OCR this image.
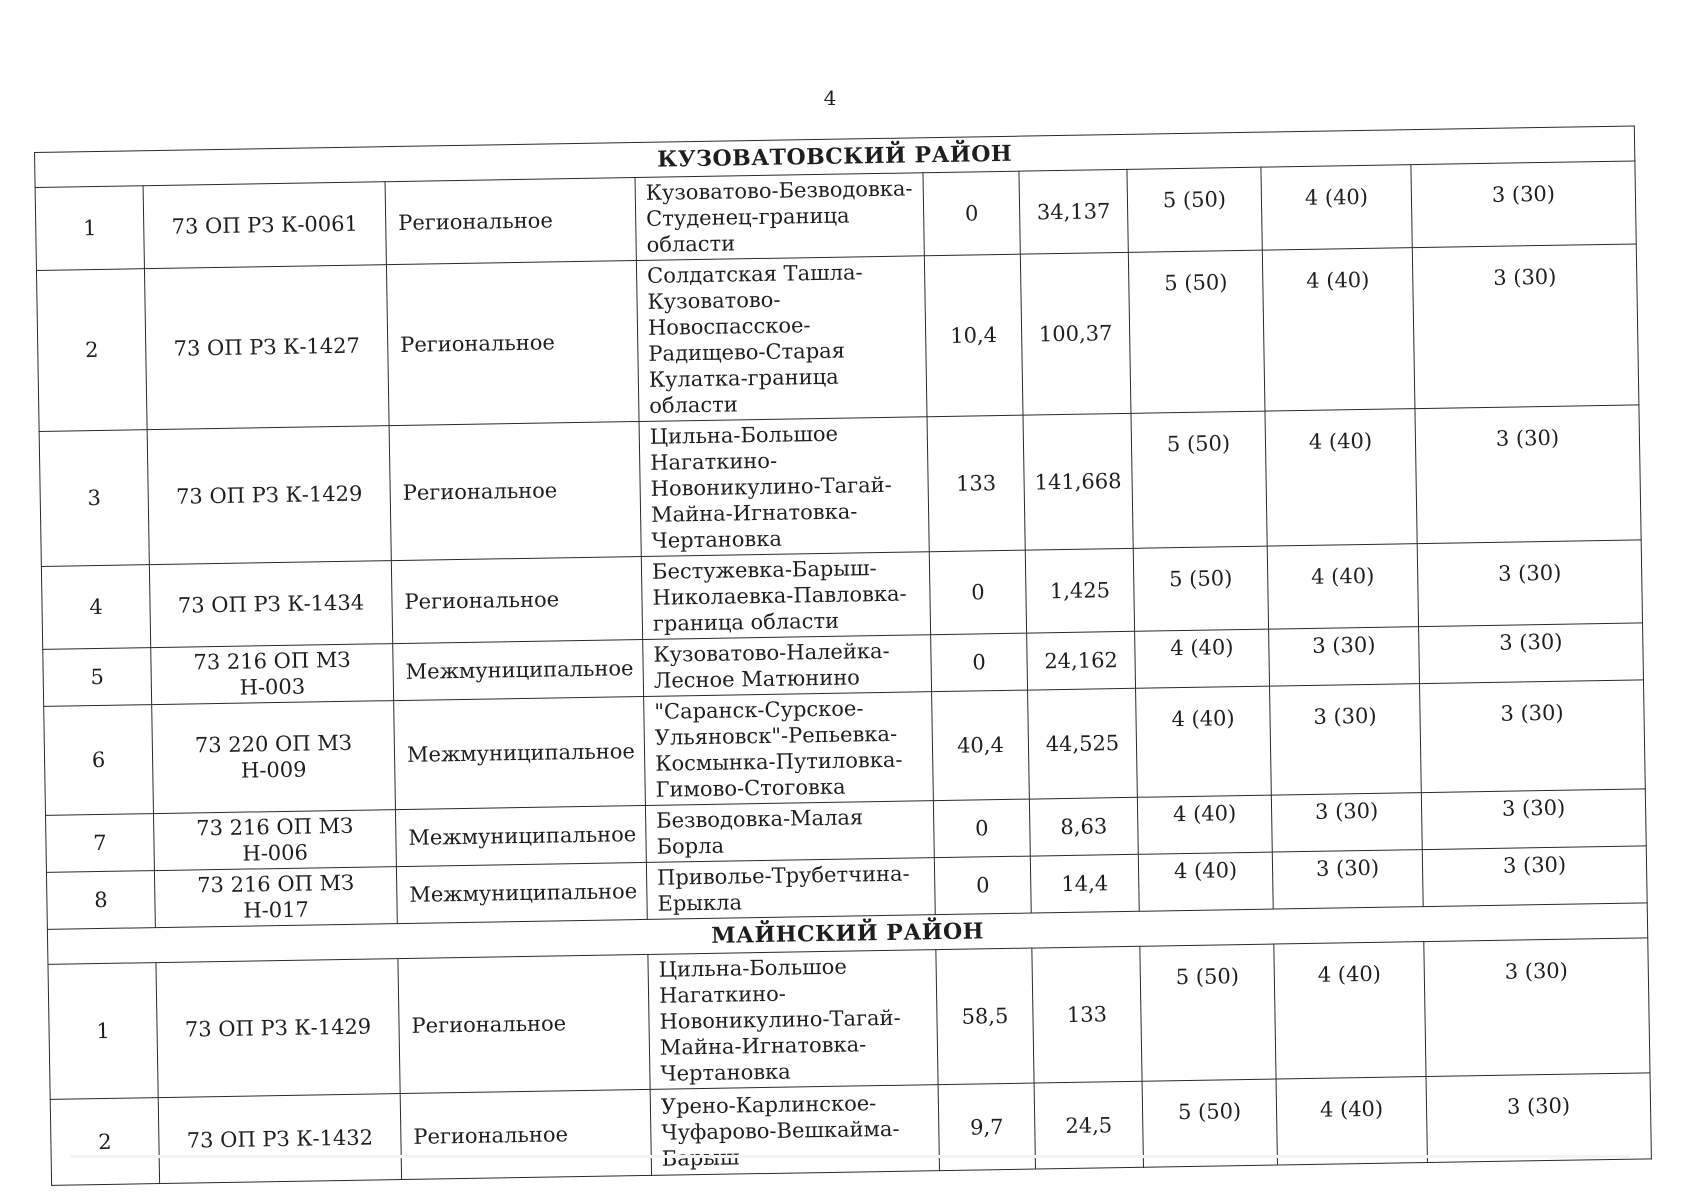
4
КУЗОВАТОВСКИЙ РАЙОН								
1	73 ОП РЗ К-0061	Региональное	Кузоватово-Безводовка-Студенец-граница области	0	34,137	5 (50)	4 (40)	3 (30)
2	73 ОП РЗ К-1427	Региональное	Солдатская Ташла-Кузоватово-Новоспасское-Радищево-Старая Кулатка-граница области	10,4	100,37	5 (50)	4 (40)	3 (30)
3	73 ОП РЗ К-1429	Региональное	Цильна-Большое Нагаткино-Новоникулино-Тагай-Майна-Игнатовка-Чертановка	133	141,668	5 (50)	4 (40)	3 (30)
4	73 ОП РЗ К-1434	Региональное	Бестужевка-Барыш-Николаевка-Павловка-граница области	0	1,425	5 (50)	4 (40)	3 (30)
5	73 216 ОП МЗ Н-003	Межмуниципальное	Кузоватово-Налейка-Лесное Матюнино	0	24,162	4 (40)	3 (30)	3 (30)
6	73 220 ОП МЗ Н-009	Межмуниципальное	"Саранск-Сурское-Ульяновск"-Репьевка-Космынка-Путиловка-Гимово-Стоговка	40,4	44,525	4 (40)	3 (30)	3 (30)
7	73 216 ОП МЗ Н-006	Межмуниципальное	Безводовка-Малая Борла	0	8,63	4 (40)	3 (30)	3 (30)
8	73 216 ОП МЗ Н-017	Межмуниципальное	Приволье-Трубетчина-Ерыкла	0	14,4	4 (40)	3 (30)	3 (30)
МАЙНСКИЙ РАЙОН								
1	73 ОП РЗ К-1429	Региональное	Цильна-Большое Нагаткино-Новоникулино-Тагай-Майна-Игнатовка-Чертановка	58,5	133	5 (50)	4 (40)	3 (30)
2	73 ОП РЗ К-1432	Региональное	Урено-Карлинское-Чуфарово-Вешкайма-Барыш	9,7	24,5	5 (50)	4 (40)	3 (30)
